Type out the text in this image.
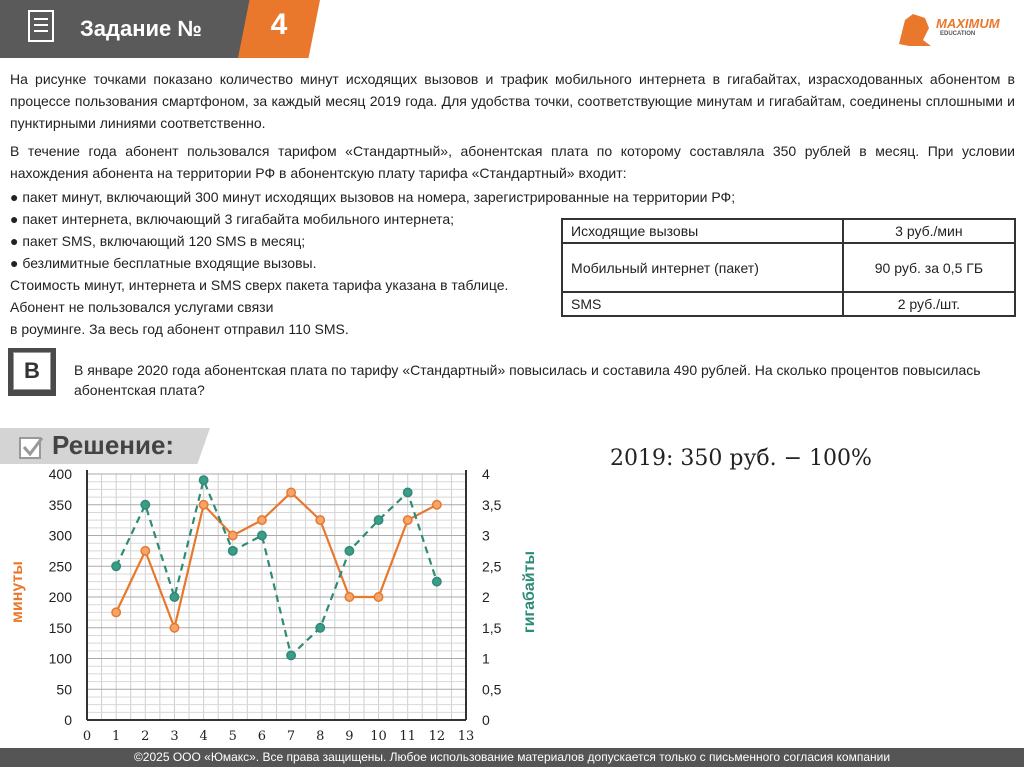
Задание №	4	MAXIMUM
EDUCATION
На рисунке точками показано количество минут исходящих вызовов и трафик мобильного интернета в гигабайтах, израсходованных абонентом в процессе пользования смартфоном, за каждый месяц 2019 года. Для удобства точки, соответствующие минутам и гигабайтам, соединены сплошными и пунктирными линиями соответственно.
В течение года абонент пользовался тарифом «Стандартный», абонентская плата по которому составляла 350 рублей в месяц. При условии нахождения абонента на территории РФ в абонентскую плату тарифа «Стандартный» входит:
● пакет минут, включающий 300 минут исходящих вызовов на номера, зарегистрированные на территории РФ;
● пакет интернета, включающий 3 гигабайта мобильного интернета;
● пакет SMS, включающий 120 SMS в месяц;
● безлимитные бесплатные входящие вызовы.
Стоимость минут, интернета и SMS сверх пакета тарифа указана в таблице.
Абонент не пользовался услугами связи
в роуминге. За весь год абонент отправил 110 SMS.
Исходящие вызовы	3 руб./мин
Мобильный интернет (пакет)	90 руб. за 0,5 ГБ
SMS	2 руб./шт.
В	В январе 2020 года абонентская плата по тарифу «Стандартный» повысилась и составила 490 рублей. На сколько процентов повысилась абонентская плата?
Решение:	2019: 350 руб. − 100%
0 1 2 3 4 5 6 7 8 9 10 11 12 13
0
50
100
150
200
250
300
350
400
0
0,5
1
1,5
2
2,5
3
3,5
4
минуты	гигабайты
©2025 ООО «Юмакс». Все права защищены. Любое использование материалов допускается только с письменного согласия компании
